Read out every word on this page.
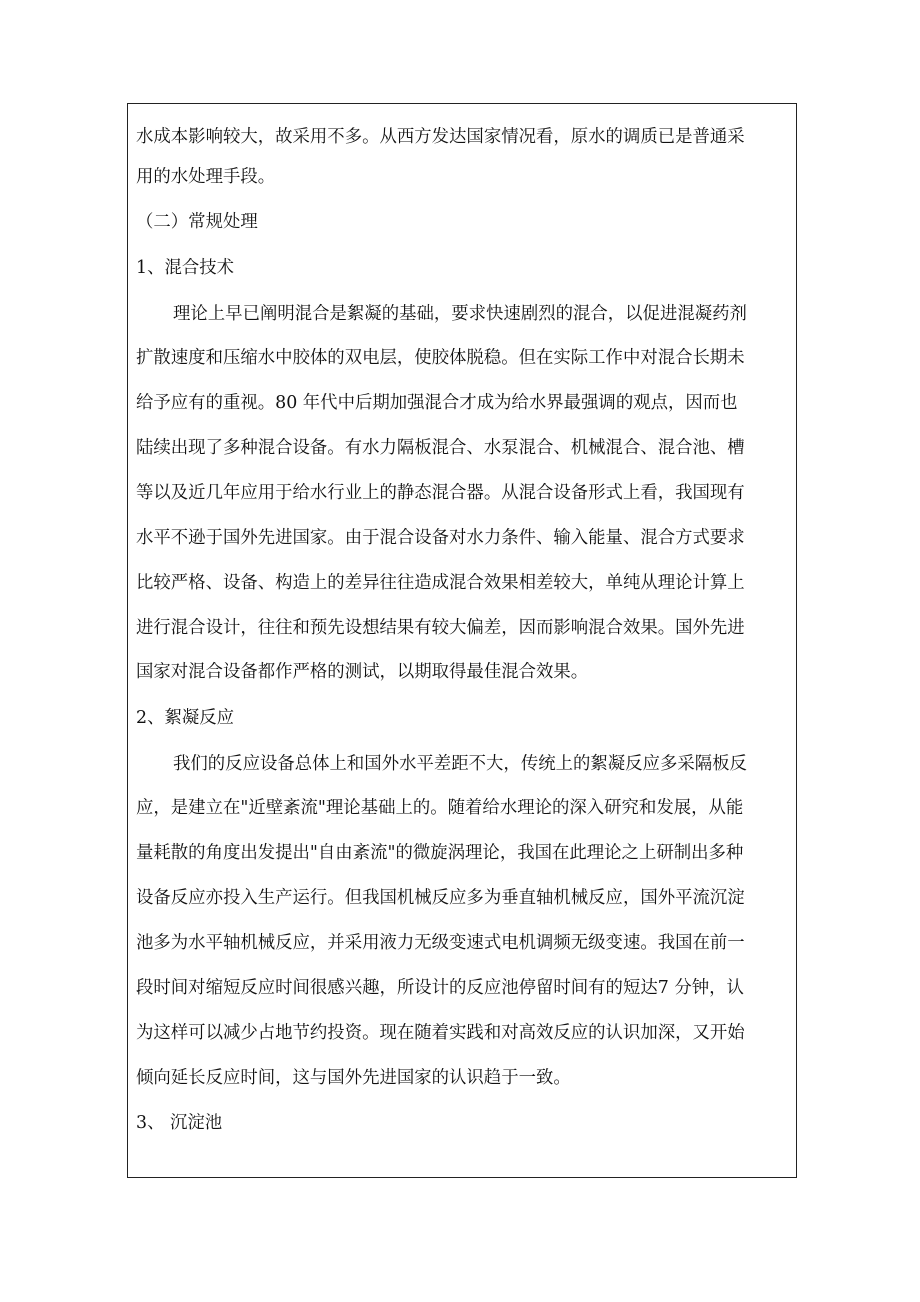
水成本影响较大，故采用不多。从西方发达国家情况看，原水的调质已是普通采
用的水处理手段。
（二）常规处理
1、混合技术
理论上早已阐明混合是絮凝的基础，要求快速剧烈的混合，以促进混凝药剂
扩散速度和压缩水中胶体的双电层，使胶体脱稳。但在实际工作中对混合长期未
给予应有的重视。80 年代中后期加强混合才成为给水界最强调的观点，因而也
陆续出现了多种混合设备。有水力隔板混合、水泵混合、机械混合、混合池、槽
等以及近几年应用于给水行业上的静态混合器。从混合设备形式上看，我国现有
水平不逊于国外先进国家。由于混合设备对水力条件、输入能量、混合方式要求
比较严格、设备、构造上的差异往往造成混合效果相差较大，单纯从理论计算上
进行混合设计，往往和预先设想结果有较大偏差，因而影响混合效果。国外先进
国家对混合设备都作严格的测试，以期取得最佳混合效果。
2、絮凝反应
我们的反应设备总体上和国外水平差距不大，传统上的絮凝反应多采隔板反
应，是建立在"近壁紊流"理论基础上的。随着给水理论的深入研究和发展，从能
量耗散的角度出发提出"自由紊流"的微旋涡理论，我国在此理论之上研制出多种
设备反应亦投入生产运行。但我国机械反应多为垂直轴机械反应，国外平流沉淀
池多为水平轴机械反应，并采用液力无级变速式电机调频无级变速。我国在前一
段时间对缩短反应时间很感兴趣，所设计的反应池停留时间有的短达7 分钟，认
为这样可以减少占地节约投资。现在随着实践和对高效反应的认识加深，又开始
倾向延长反应时间，这与国外先进国家的认识趋于一致。
3、 沉淀池
